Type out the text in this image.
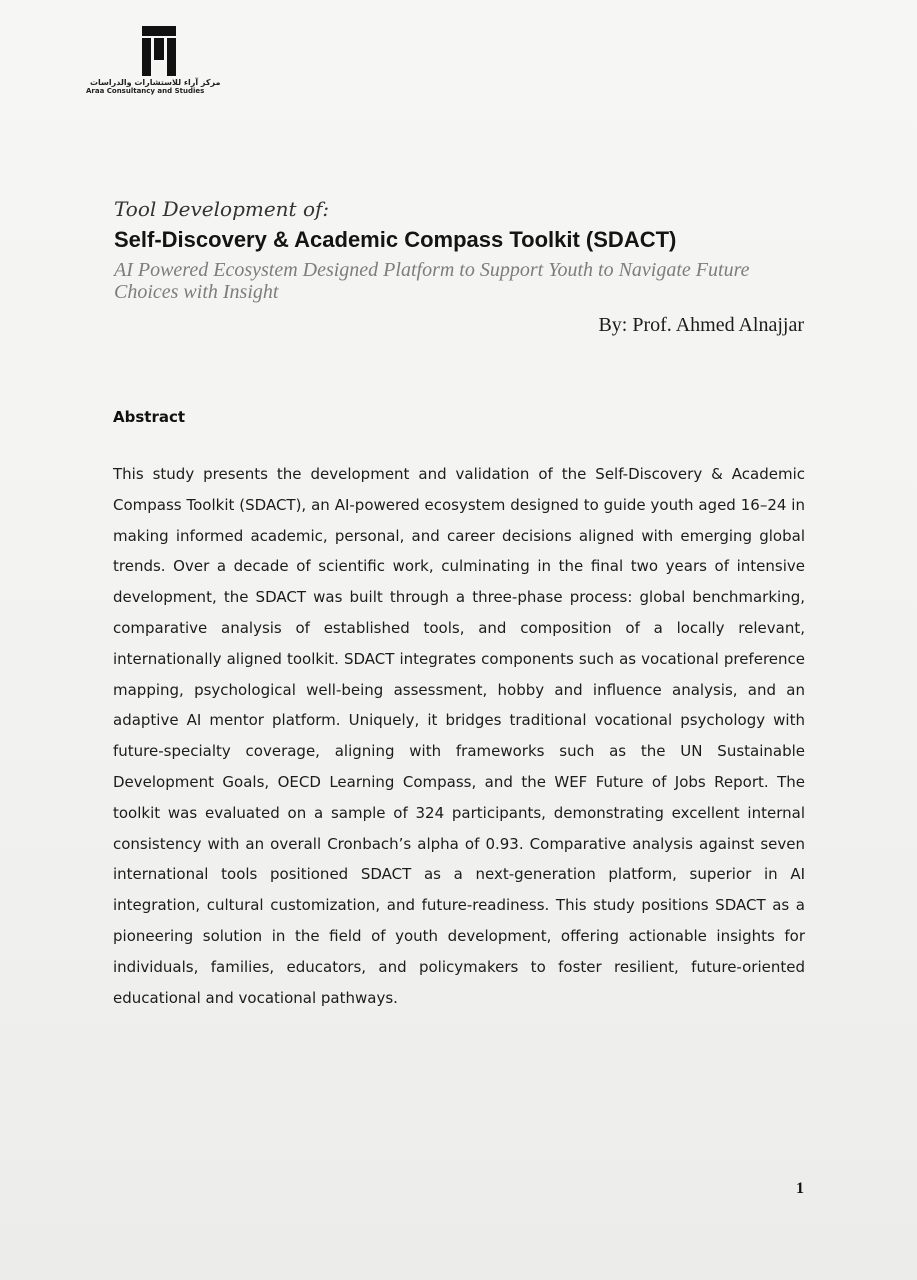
مركز آراء للاستشارات والدراسات
Araa Consultancy and Studies

Tool Development of:

Self-Discovery & Academic Compass Toolkit (SDACT)

AI Powered Ecosystem Designed Platform to Support Youth to Navigate Future Choices with Insight

By: Prof. Ahmed Alnajjar
Abstract

This study presents the development and validation of the Self-Discovery & Academic Compass Toolkit (SDACT), an AI-powered ecosystem designed to guide youth aged 16–24 in making informed academic, personal, and career decisions aligned with emerging global trends. Over a decade of scientific work, culminating in the final two years of intensive development, the SDACT was built through a three-phase process: global benchmarking, comparative analysis of established tools, and composition of a locally relevant, internationally aligned toolkit. SDACT integrates components such as vocational preference mapping, psychological well-being assessment, hobby and influence analysis, and an adaptive AI mentor platform. Uniquely, it bridges traditional vocational psychology with future-specialty coverage, aligning with frameworks such as the UN Sustainable Development Goals, OECD Learning Compass, and the WEF Future of Jobs Report. The toolkit was evaluated on a sample of 324 participants, demonstrating excellent internal consistency with an overall Cronbach’s alpha of 0.93. Comparative analysis against seven international tools positioned SDACT as a next-generation platform, superior in AI integration, cultural customization, and future-readiness. This study positions SDACT as a pioneering solution in the field of youth development, offering actionable insights for individuals, families, educators, and policymakers to foster resilient, future-oriented educational and vocational pathways.

1
